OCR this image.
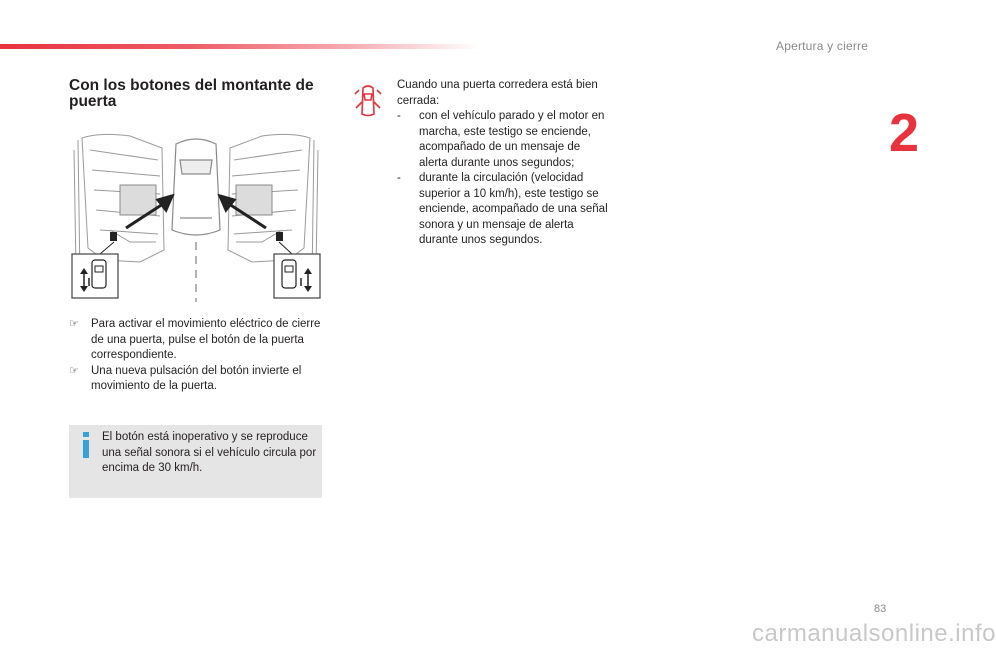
Apertura y cierre
2
Con los botones del montante de puerta
☞ Para activar el movimiento eléctrico de cierre de una puerta, pulse el botón de la puerta correspondiente.
☞ Una nueva pulsación del botón invierte el movimiento de la puerta.
El botón está inoperativo y se reproduce una señal sonora si el vehículo circula por encima de 30 km/h.
Cuando una puerta corredera está bien cerrada:
- con el vehículo parado y el motor en marcha, este testigo se enciende, acompañado de un mensaje de alerta durante unos segundos;
- durante la circulación (velocidad superior a 10 km/h), este testigo se enciende, acompañado de una señal sonora y un mensaje de alerta durante unos segundos.
83
carmanualsonline.info
